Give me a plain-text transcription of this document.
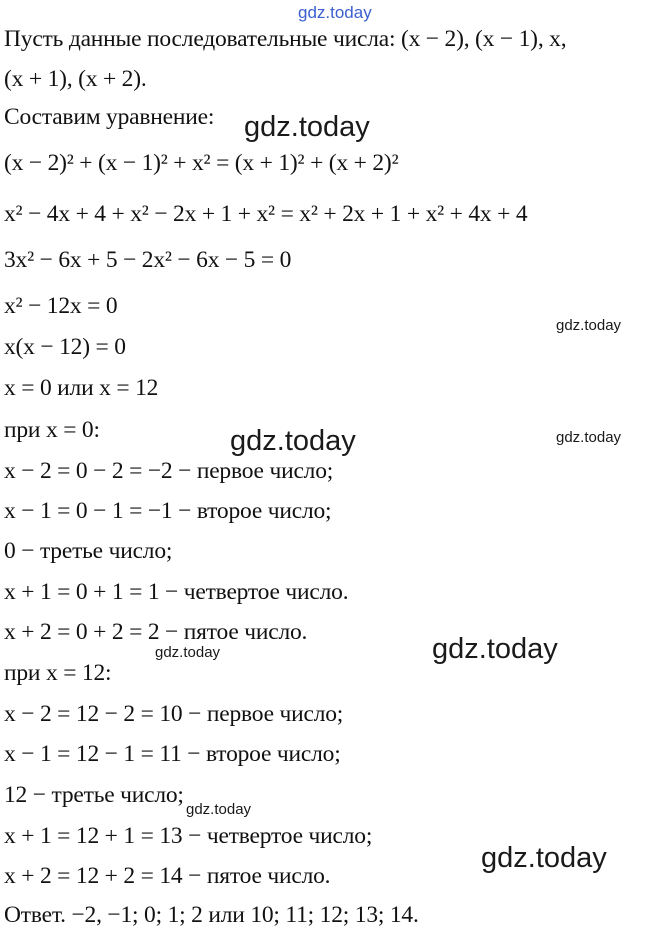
Пусть данные последовательные числа: (x − 2), (x − 1), x,
(x + 1), (x + 2).
Составим уравнение:
(x − 2)² + (x − 1)² + x² = (x + 1)² + (x + 2)²
x² − 4x + 4 + x² − 2x + 1 + x² = x² + 2x + 1 + x² + 4x + 4
3x² − 6x + 5 − 2x² − 6x − 5 = 0
x² − 12x = 0
x(x − 12) = 0
x = 0 или x = 12
при x = 0:
x − 2 = 0 − 2 = −2 − первое число;
x − 1 = 0 − 1 = −1 − второе число;
0 − третье число;
x + 1 = 0 + 1 = 1 − четвертое число.
x + 2 = 0 + 2 = 2 − пятое число.
при x = 12:
x − 2 = 12 − 2 = 10 − первое число;
x − 1 = 12 − 1 = 11 − второе число;
12 − третье число;
x + 1 = 12 + 1 = 13 − четвертое число;
x + 2 = 12 + 2 = 14 − пятое число.
Ответ. −2, −1; 0; 1; 2 или 10; 11; 12; 13; 14.
gdz.today
gdz.today
gdz.today
gdz.today	gdz.today
gdz.today
gdz.today
gdz.today
gdz.today
